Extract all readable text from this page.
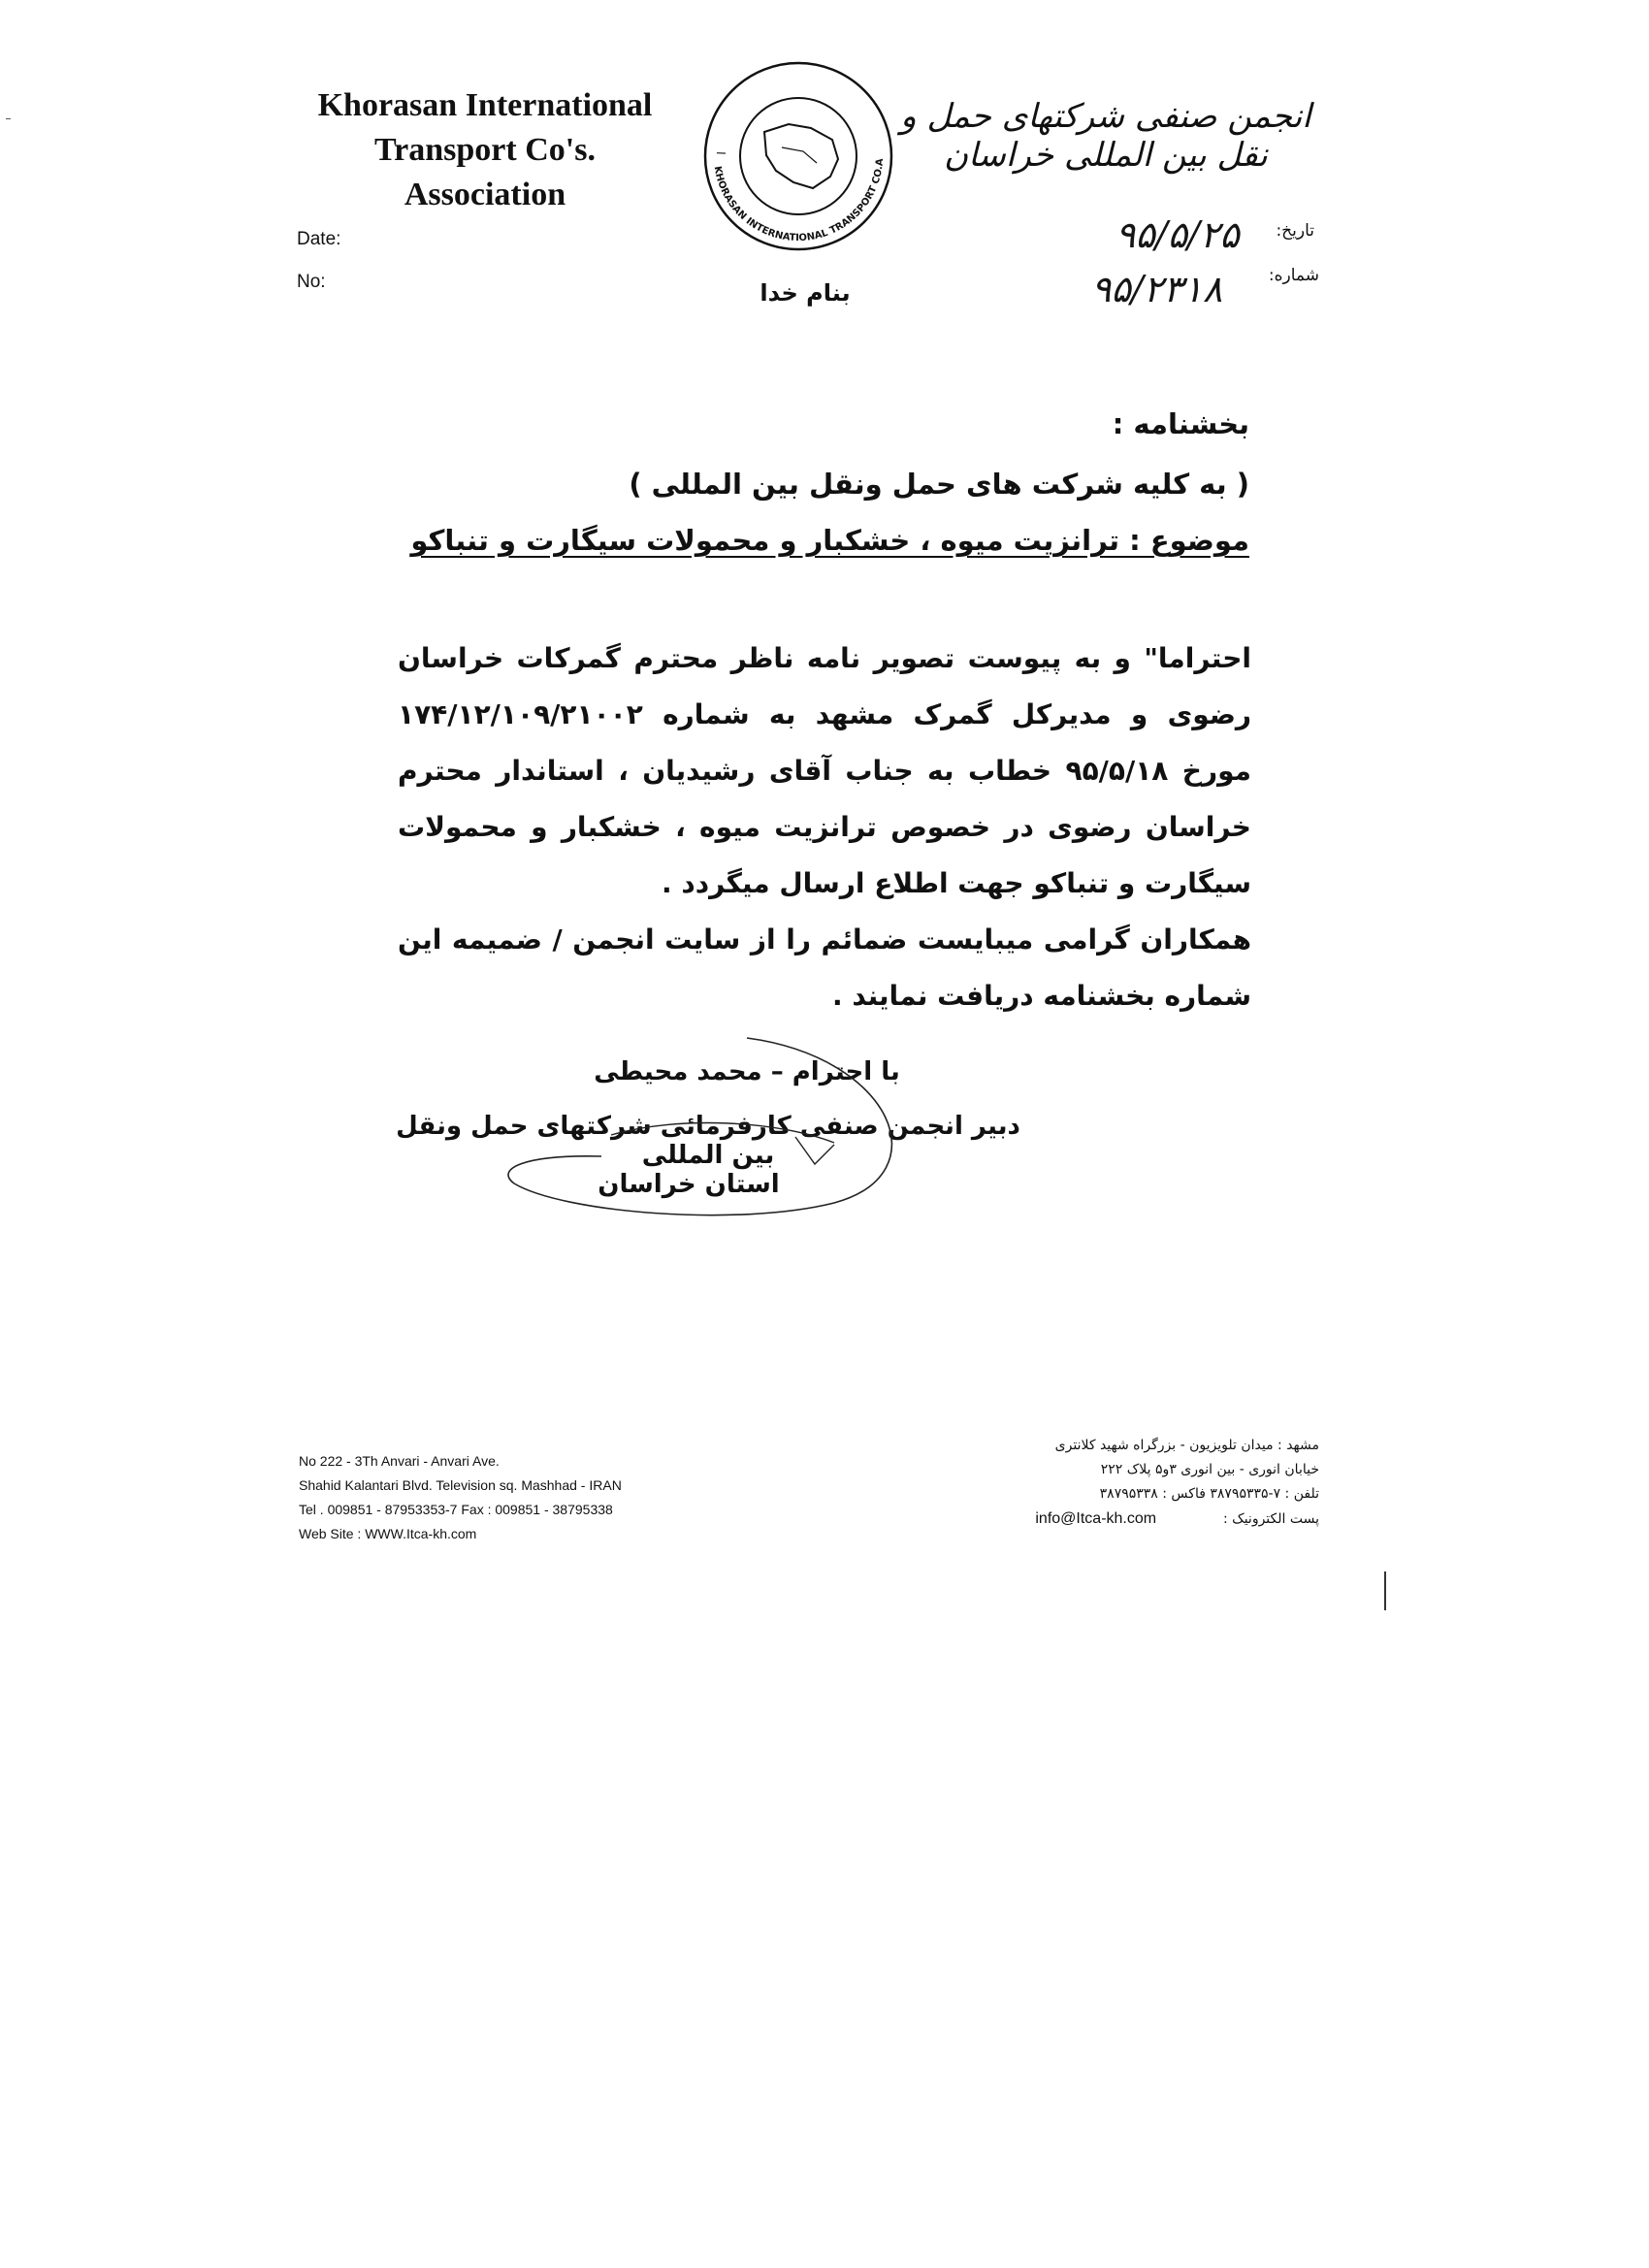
Khorasan International
Transport Co's. Association
KHORASAN INTERNATIONAL TRANSPORT CO.A
ا
انجمن صنفی شرکتهای حمل و نقل بین المللی خراسان
Date:
No:
تاریخ:
شماره:
۹۵/۵/۲۵
۹۵/۲۳۱۸
بنام خدا
بخشنامه :
( به کلیه شرکت های حمل ونقل بین المللی )
موضوع : ترانزیت میوه ، خشکبار و محمولات سیگارت و تنباکو
احتراما" و به پیوست تصویر نامه ناظر محترم گمرکات خراسان رضوی و مدیرکل گمرک مشهد به شماره ۱۷۴/۱۲/۱۰۹/۲۱۰۰۲ مورخ ۹۵/۵/۱۸ خطاب به جناب آقای رشیدیان ، استاندار محترم خراسان رضوی در خصوص ترانزیت میوه ، خشکبار و محمولات سیگارت و تنباکو جهت اطلاع ارسال میگردد .
همکاران گرامی میبایست ضمائم را از سایت انجمن / ضمیمه این شماره بخشنامه دریافت نمایند .
با احترام – محمد محیطی
دبیر انجمن صنفی کارفرمائی شرکتهای حمل ونقل بین المللی
استان خراسان
No 222 - 3Th Anvari - Anvari Ave.
Shahid Kalantari Blvd. Television sq. Mashhad - IRAN
Tel . 009851 - 87953353-7 Fax : 009851 - 38795338
Web Site : WWW.Itca-kh.com
مشهد : میدان تلویزیون - بزرگراه شهید کلانتری
خیابان انوری - بین انوری ۳و۵ پلاک ۲۲۲
تلفن : ۷-۳۸۷۹۵۳۳۵ فاکس : ۳۸۷۹۵۳۳۸
پست الکترونیک :  info@Itca-kh.com
